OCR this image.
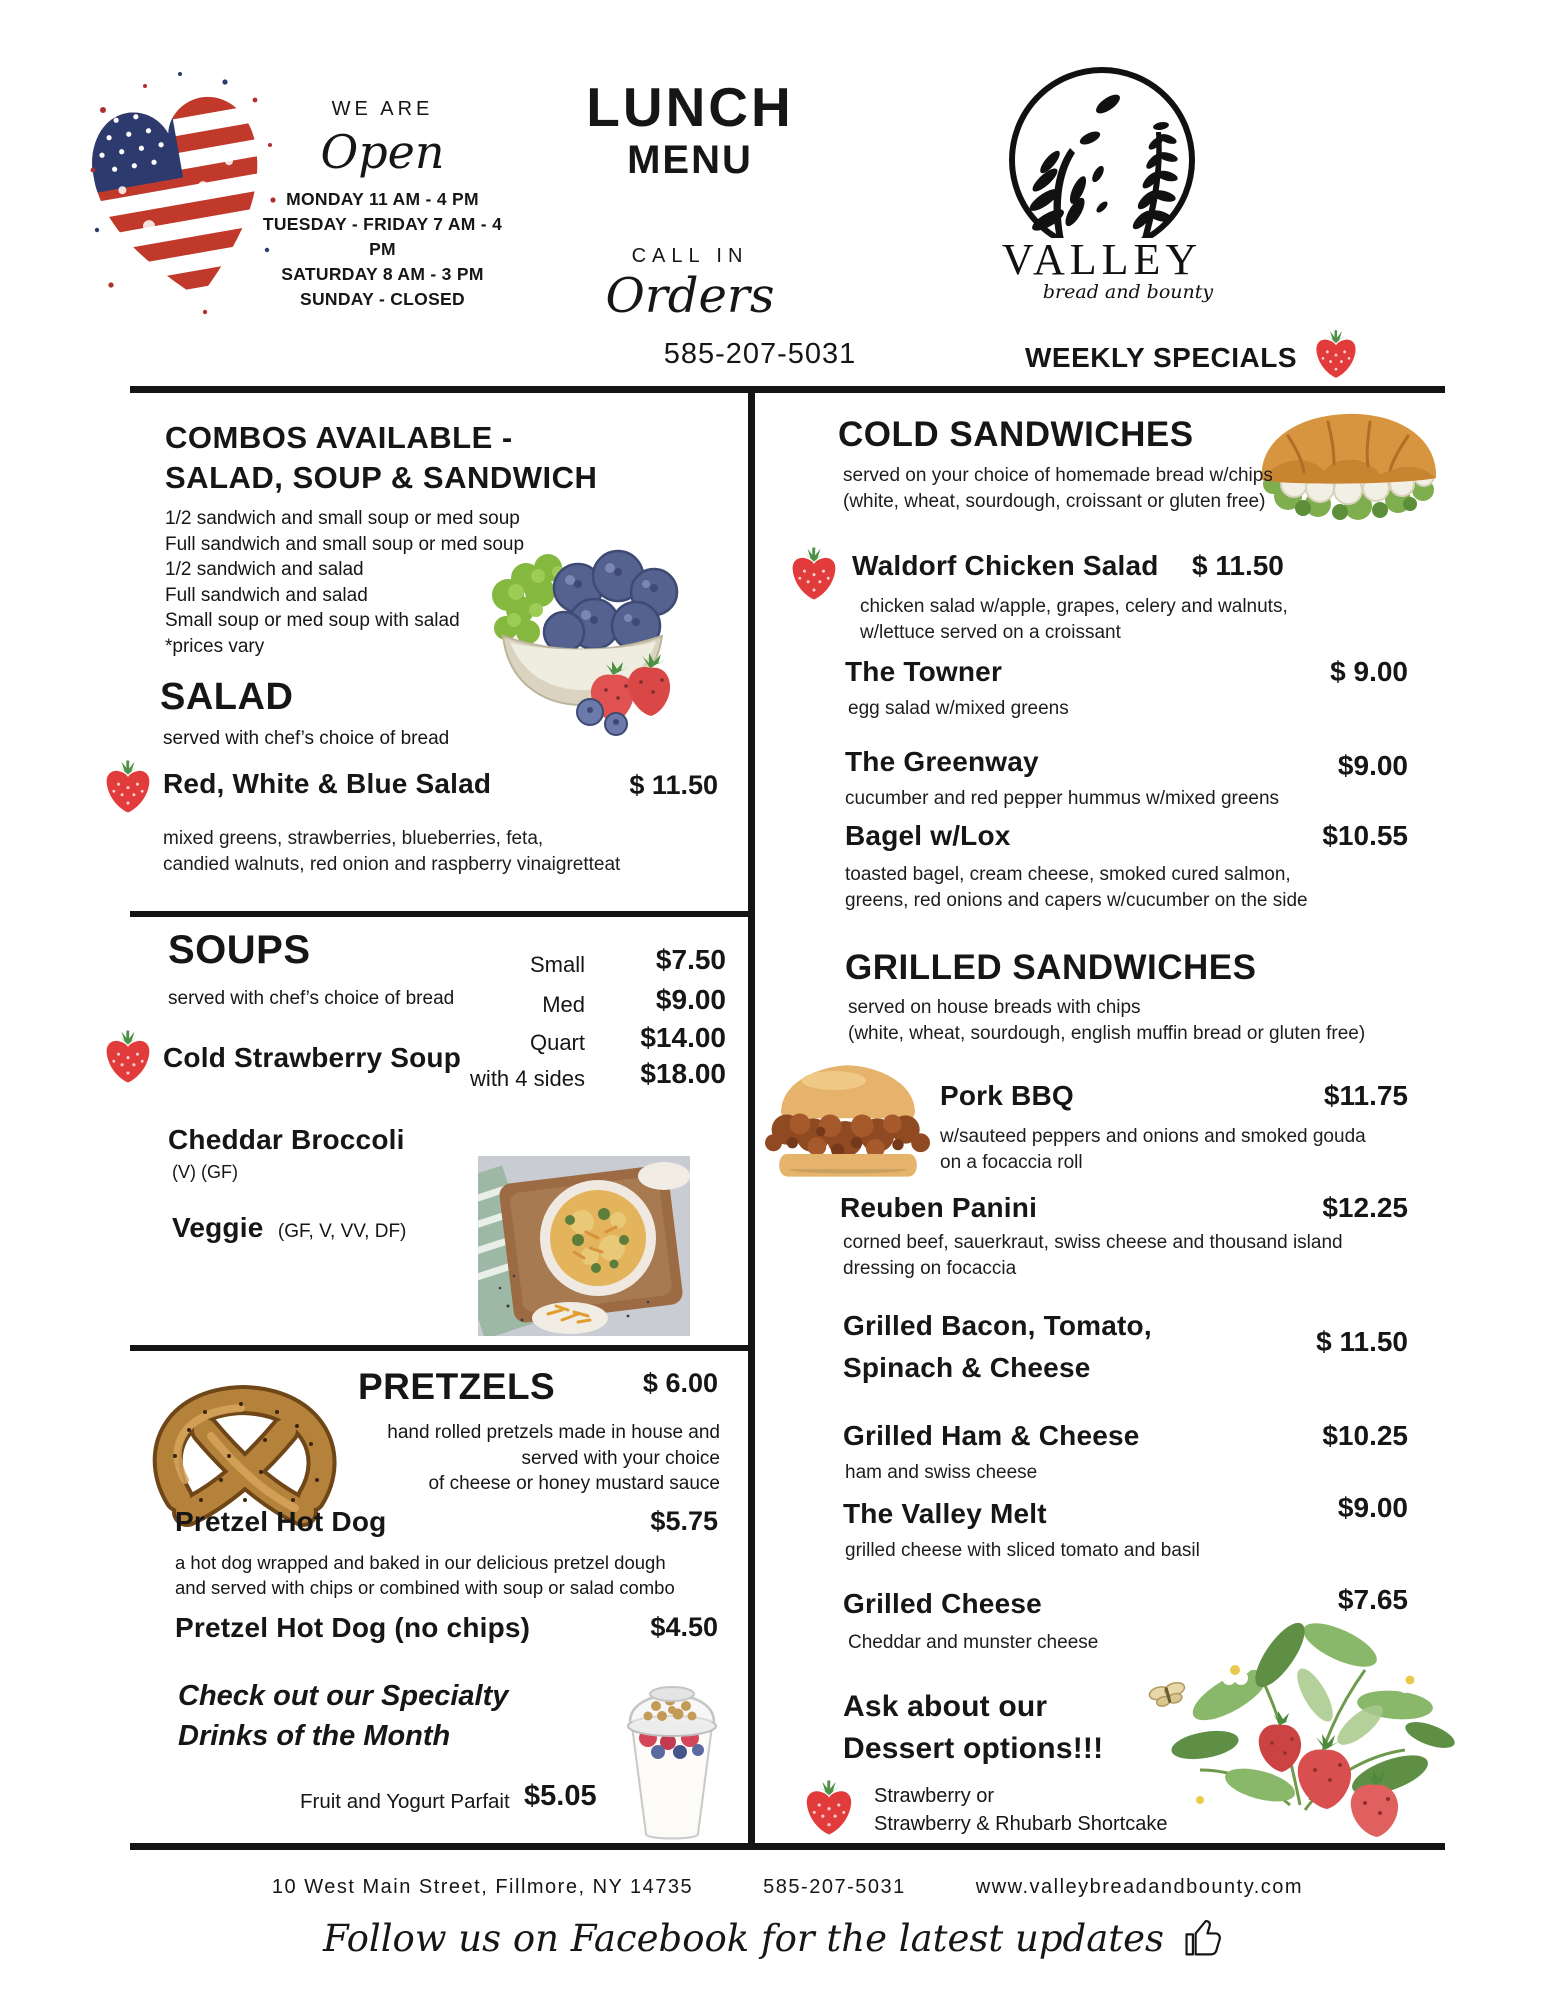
WE ARE
Open
MONDAY 11 AM - 4 PM
TUESDAY - FRIDAY 7 AM - 4 PM
SATURDAY 8 AM - 3 PM
SUNDAY - CLOSED
LUNCH
MENU
CALL IN
Orders
585-207-5031
VALLEY
bread and bounty
WEEKLY SPECIALS
COMBOS AVAILABLE -
SALAD, SOUP & SANDWICH
1/2 sandwich and small soup or med soup
Full sandwich and small soup or med soup
1/2 sandwich and salad
Full sandwich and salad
Small soup or med soup with salad
*prices vary
SALAD
served with chef’s choice of bread
Red, White & Blue Salad	$ 11.50
mixed greens, strawberries, blueberries, feta,
candied walnuts, red onion and raspberry vinaigretteat
SOUPS
served with chef’s choice of bread
Small	$7.50
Med	$9.00
Quart	$14.00
with 4 sides	$18.00
Cold Strawberry Soup
Cheddar Broccoli
(V) (GF)
Veggie (GF, V, VV, DF)
PRETZELS	$ 6.00
hand rolled pretzels made in house and
served with your choice
of cheese or honey mustard sauce
Pretzel Hot Dog	$5.75
a hot dog wrapped and baked in our delicious pretzel dough
and served with chips or combined with soup or salad combo
Pretzel Hot Dog (no chips)	$4.50
Check out our Specialty
Drinks of the Month
Fruit and Yogurt Parfait $5.05
COLD SANDWICHES
served on your choice of homemade bread w/chips
(white, wheat, sourdough, croissant or gluten free)
Waldorf Chicken Salad $ 11.50
chicken salad w/apple, grapes, celery and walnuts,
w/lettuce served on a croissant
The Towner	$ 9.00
egg salad w/mixed greens
The Greenway	$9.00
cucumber and red pepper hummus w/mixed greens
Bagel w/Lox	$10.55
toasted bagel, cream cheese, smoked cured salmon,
greens, red onions and capers w/cucumber on the side
GRILLED SANDWICHES
served on house breads with chips
(white, wheat, sourdough, english muffin bread or gluten free)
Pork BBQ	$11.75
w/sauteed peppers and onions and smoked gouda
on a focaccia roll
Reuben Panini	$12.25
corned beef, sauerkraut, swiss cheese and thousand island
dressing on focaccia
Grilled Bacon, Tomato,
Spinach & Cheese
$ 11.50
Grilled Ham & Cheese	$10.25
ham and swiss cheese
The Valley Melt	$9.00
grilled cheese with sliced tomato and basil
Grilled Cheese	$7.65
Cheddar and munster cheese
Ask about our
Dessert options!!!
Strawberry or
Strawberry & Rhubarb Shortcake
10 West Main Street, Fillmore, NY 14735	585-207-5031	www.valleybreadandbounty.com
Follow us on Facebook for the latest updates
